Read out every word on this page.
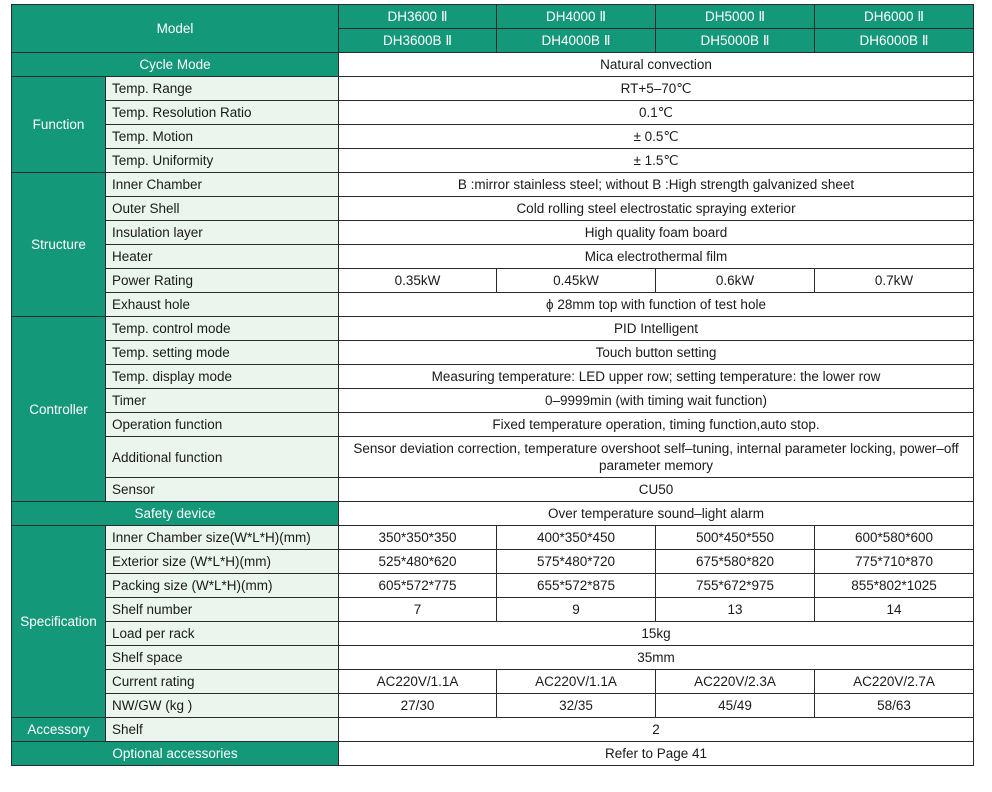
Model		DH3600 Ⅱ	DH4000 Ⅱ	DH5000 Ⅱ	DH6000 Ⅱ
		DH3600B Ⅱ	DH4000B Ⅱ	DH5000B Ⅱ	DH6000B Ⅱ
Cycle Mode		Natural convection			
Function	Temp. Range	RT+5–70℃			
	Temp. Resolution Ratio	0.1℃			
	Temp. Motion	± 0.5℃			
	Temp. Uniformity	± 1.5℃			
Structure	Inner Chamber	B :mirror stainless steel; without B :High strength galvanized sheet			
	Outer Shell	Cold rolling steel electrostatic spraying exterior			
	Insulation layer	High quality foam board			
	Heater	Mica electrothermal film			
	Power Rating	0.35kW	0.45kW	0.6kW	0.7kW
	Exhaust hole	ϕ 28mm top with function of test hole			
Controller	Temp. control mode	PID Intelligent			
	Temp. setting mode	Touch button setting			
	Temp. display mode	Measuring temperature: LED upper row; setting temperature: the lower row			
	Timer	0–9999min (with timing wait function)			
	Operation function	Fixed temperature operation, timing function,auto stop.			
	Additional function	Sensor deviation correction, temperature overshoot self–tuning, internal parameter locking, power–off parameter memory			
	Sensor	CU50			
Safety device		Over temperature sound–light alarm			
Specification	Inner Chamber size(W*L*H)(mm)	350*350*350	400*350*450	500*450*550	600*580*600
	Exterior size (W*L*H)(mm)	525*480*620	575*480*720	675*580*820	775*710*870
	Packing size (W*L*H)(mm)	605*572*775	655*572*875	755*672*975	855*802*1025
	Shelf number	7	9	13	14
	Load per rack	15kg			
	Shelf space	35mm			
	Current rating	AC220V/1.1A	AC220V/1.1A	AC220V/2.3A	AC220V/2.7A
	NW/GW (kg )	27/30	32/35	45/49	58/63
Accessory	Shelf	2			
Optional accessories		Refer to Page 41			
